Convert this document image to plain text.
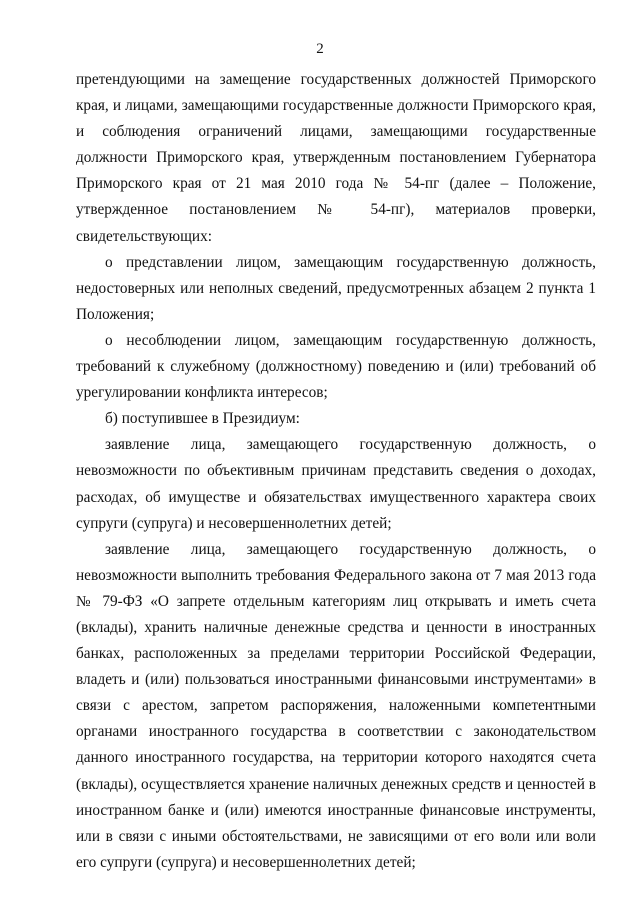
2

претендующими на замещение государственных должностей Приморского края, и лицами, замещающими государственные должности Приморского края, и соблюдения ограничений лицами, замещающими государственные должности Приморского края, утвержденным постановлением Губернатора Приморского края от 21 мая 2010 года № 54-пг (далее – Положение, утвержденное постановлением № 54-пг), материалов проверки, свидетельствующих:

о представлении лицом, замещающим государственную должность, недостоверных или неполных сведений, предусмотренных абзацем 2 пункта 1 Положения;

о несоблюдении лицом, замещающим государственную должность, требований к служебному (должностному) поведению и (или) требований об урегулировании конфликта интересов;

б) поступившее в Президиум:

заявление лица, замещающего государственную должность, о невозможности по объективным причинам представить сведения о доходах, расходах, об имуществе и обязательствах имущественного характера своих супруги (супруга) и несовершеннолетних детей;

заявление лица, замещающего государственную должность, о невозможности выполнить требования Федерального закона от 7 мая 2013 года № 79-ФЗ «О запрете отдельным категориям лиц открывать и иметь счета (вклады), хранить наличные денежные средства и ценности в иностранных банках, расположенных за пределами территории Российской Федерации, владеть и (или) пользоваться иностранными финансовыми инструментами» в связи с арестом, запретом распоряжения, наложенными компетентными органами иностранного государства в соответствии с законодательством данного иностранного государства, на территории которого находятся счета (вклады), осуществляется хранение наличных денежных средств и ценностей в иностранном банке и (или) имеются иностранные финансовые инструменты, или в связи с иными обстоятельствами, не зависящими от его воли или воли его супруги (супруга) и несовершеннолетних детей;
